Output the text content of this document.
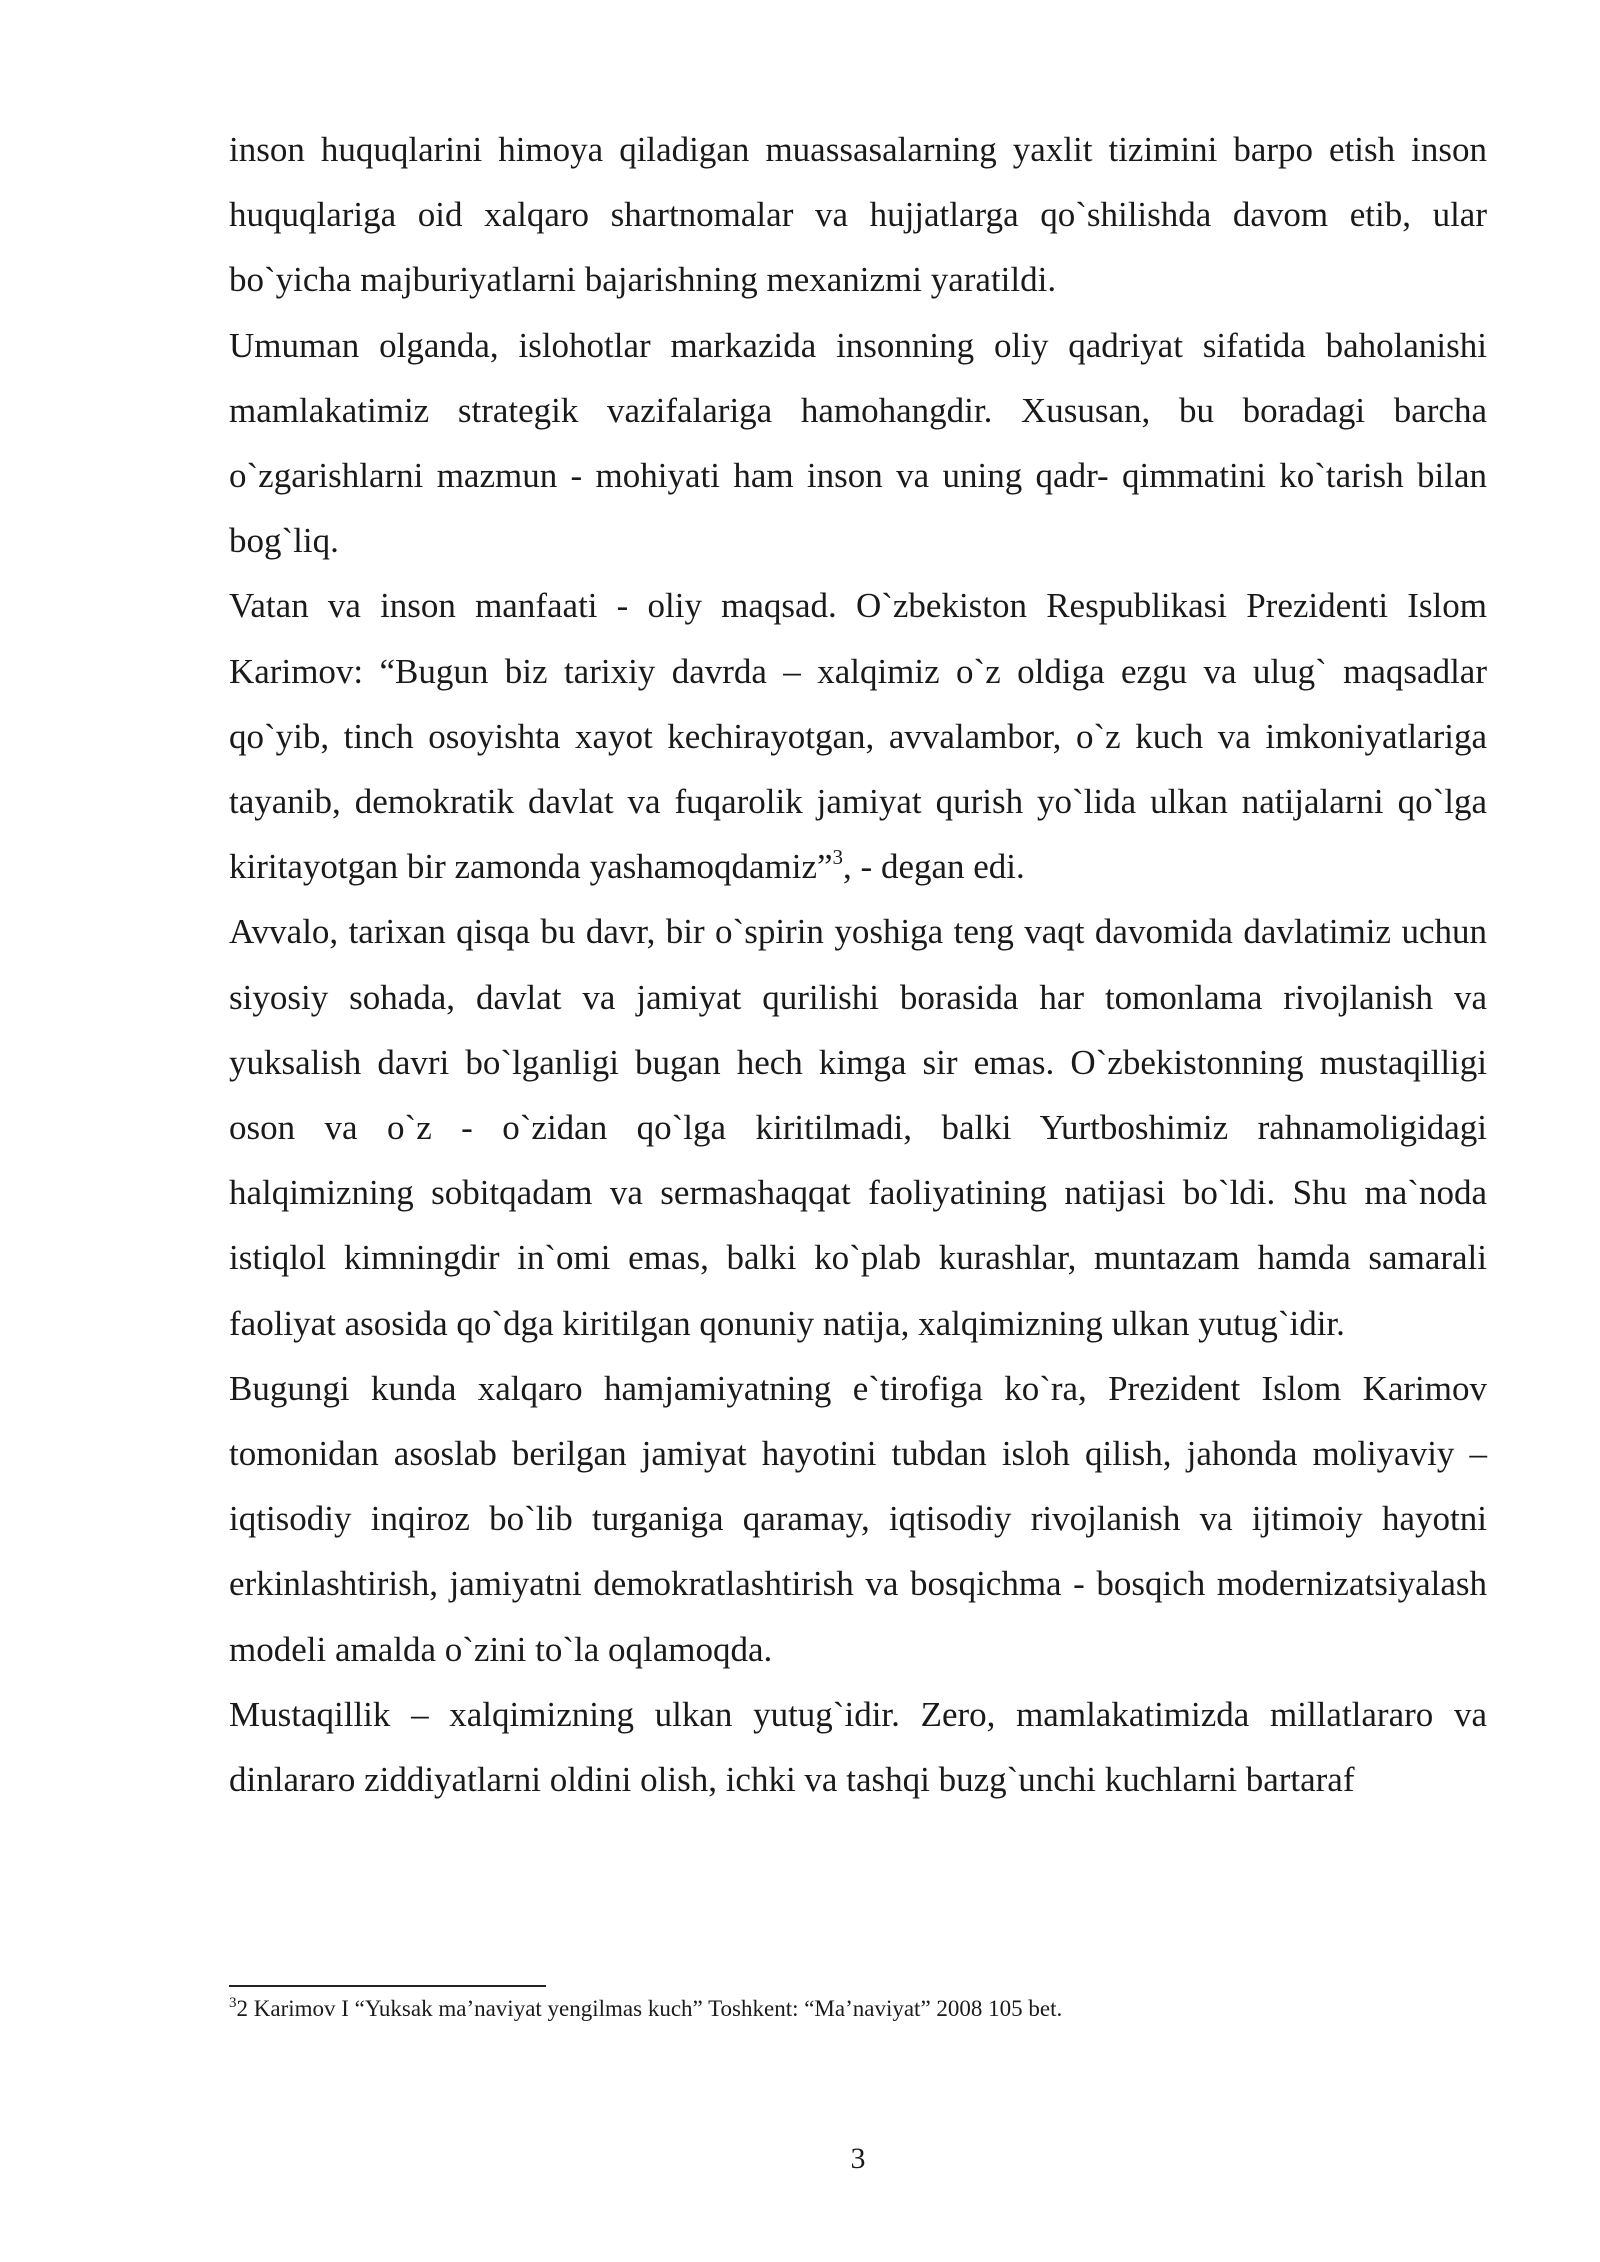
inson huquqlarini himoya qiladigan muassasalarning yaxlit tizimini barpo etish inson huquqlariga oid xalqaro shartnomalar va hujjatlarga qo`shilishda davom etib, ular bo`yicha majburiyatlarni bajarishning mexanizmi yaratildi.

Umuman olganda, islohotlar markazida insonning oliy qadriyat sifatida baholanishi mamlakatimiz strategik vazifalariga hamohangdir. Xususan, bu boradagi barcha o`zgarishlarni mazmun - mohiyati ham inson va uning qadr- qimmatini ko`tarish bilan bog`liq.

Vatan va inson manfaati - oliy maqsad. O`zbekiston Respublikasi Prezidenti Islom Karimov: “Bugun biz tarixiy davrda – xalqimiz o`z oldiga ezgu va ulug` maqsadlar qo`yib, tinch osoyishta xayot kechirayotgan, avvalambor, o`z kuch va imkoniyatlariga tayanib, demokratik davlat va fuqarolik jamiyat qurish yo`lida ulkan natijalarni qo`lga kiritayotgan bir zamonda yashamoqdamiz”$^3$, - degan edi.

Avvalo, tarixan qisqa bu davr, bir o`spirin yoshiga teng vaqt davomida davlatimiz uchun siyosiy sohada, davlat va jamiyat qurilishi borasida har tomonlama rivojlanish va yuksalish davri bo`lganligi bugan hech kimga sir emas. O`zbekistonning mustaqilligi oson va o`z - o`zidan qo`lga kiritilmadi, balki Yurtboshimiz rahnamoligidagi halqimizning sobitqadam va sermashaqqat faoliyatining natijasi bo`ldi. Shu ma`noda istiqlol kimningdir in`omi emas, balki ko`plab kurashlar, muntazam hamda samarali faoliyat asosida qo`dga kiritilgan qonuniy natija, xalqimizning ulkan yutug`idir.

Bugungi kunda xalqaro hamjamiyatning e`tirofiga ko`ra, Prezident Islom Karimov tomonidan asoslab berilgan jamiyat hayotini tubdan isloh qilish, jahonda moliyaviy – iqtisodiy inqiroz bo`lib turganiga qaramay, iqtisodiy rivojlanish va ijtimoiy hayotni erkinlashtirish, jamiyatni demokratlashtirish va bosqichma - bosqich modernizatsiyalash modeli amalda o`zini to`la oqlamoqda.

Mustaqillik – xalqimizning ulkan yutug`idir. Zero, mamlakatimizda millatlararo va dinlararo ziddiyatlarni oldini olish, ichki va tashqi buzg`unchi kuchlarni bartaraf

$^3$2 Karimov I “Yuksak ma’naviyat yengilmas kuch” Toshkent: “Ma’naviyat” 2008 105 bet.

3
